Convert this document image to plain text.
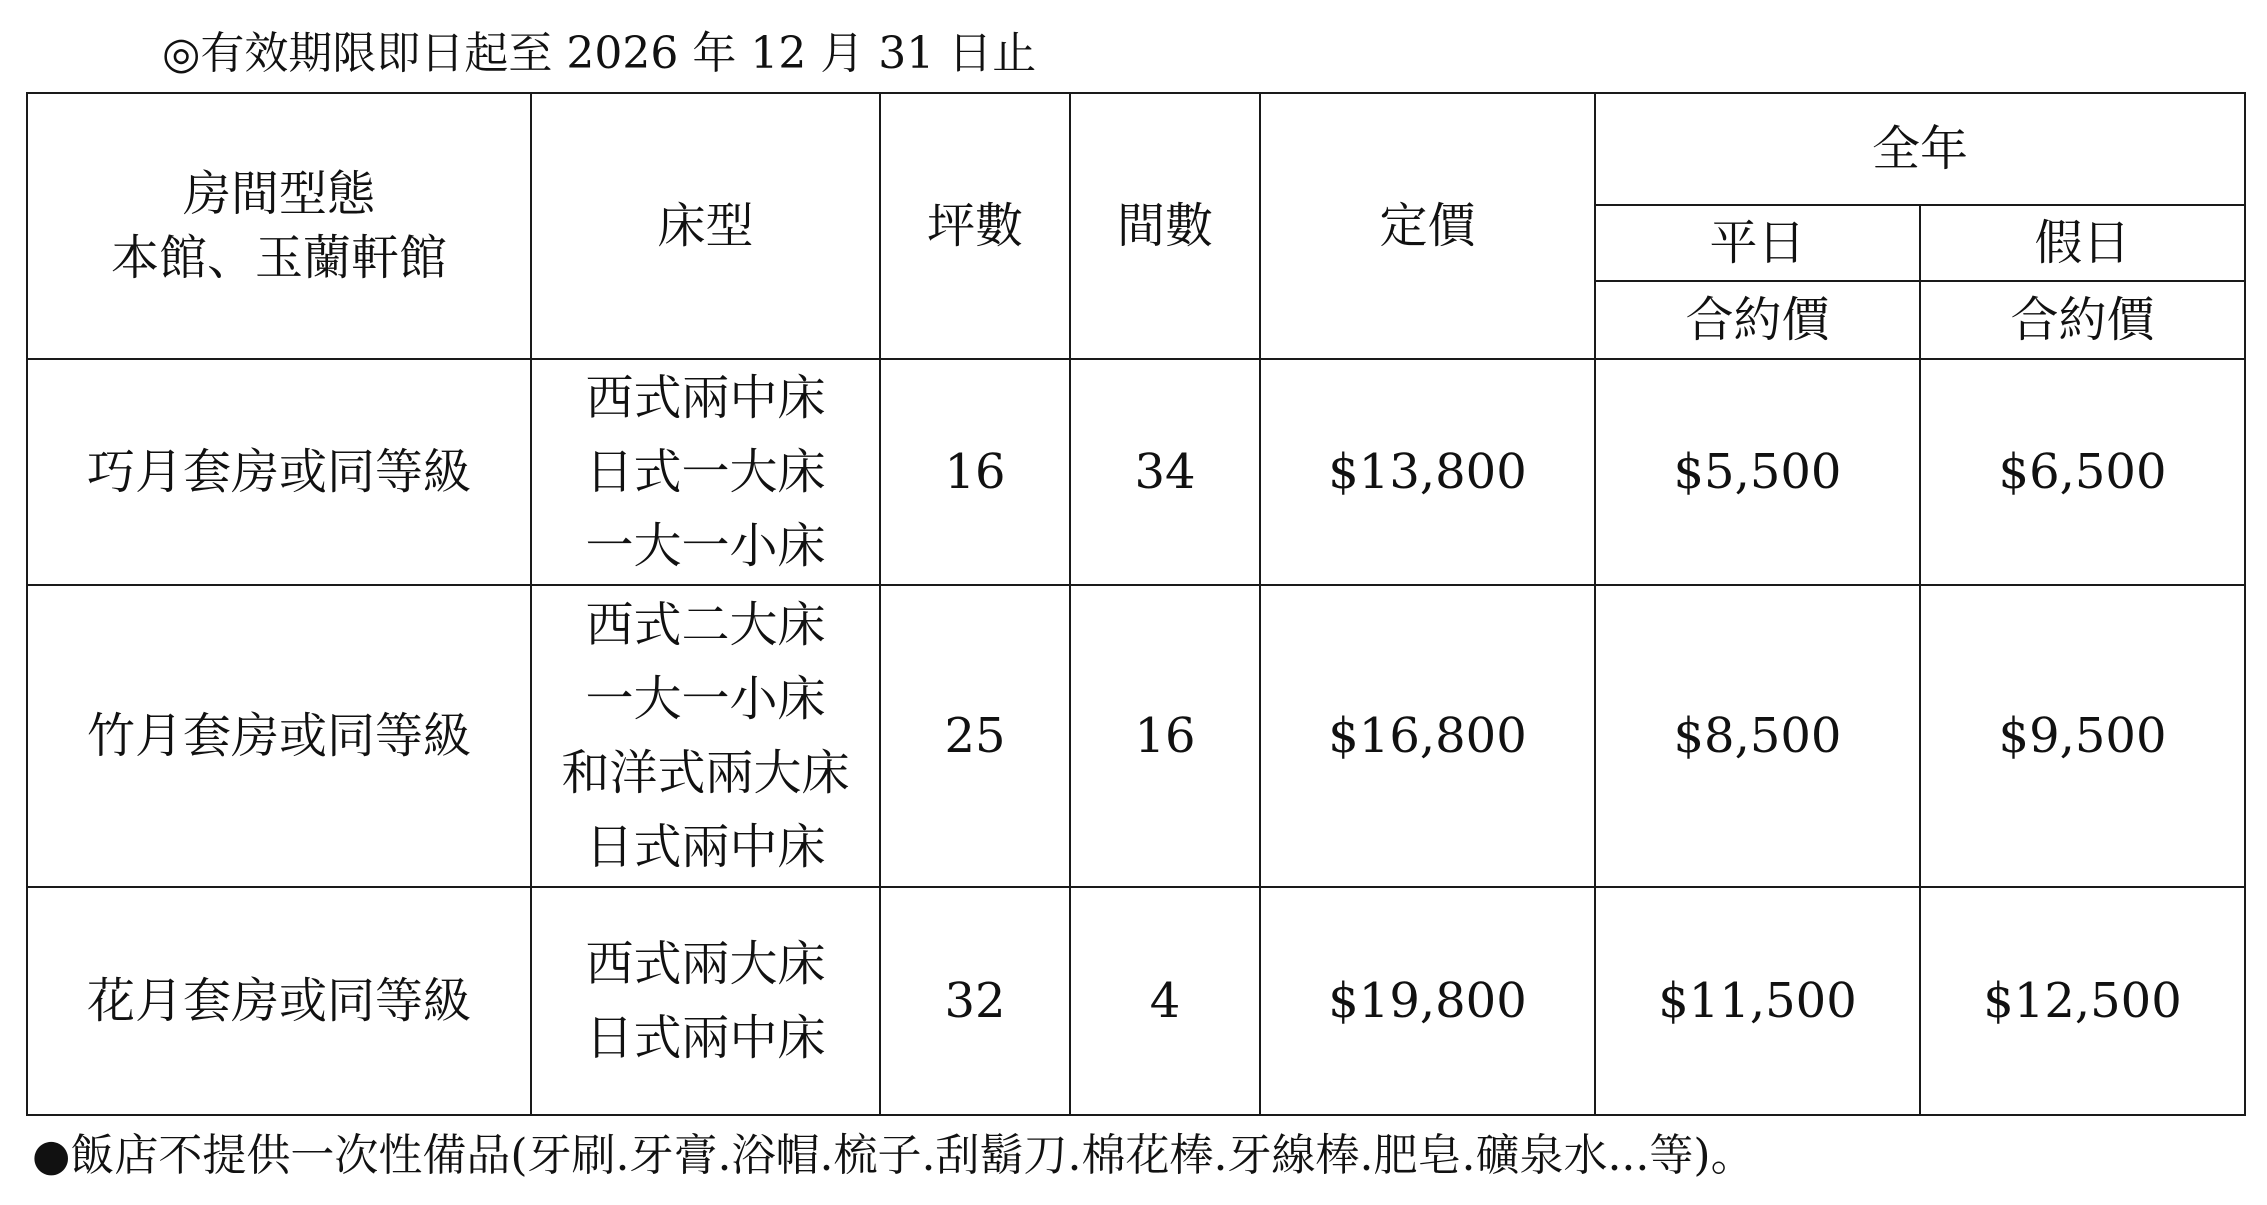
◎有效期限即日起至 2026 年 12 月 31 日止
房間型態
本館、玉蘭軒館	床型	坪數	間數	定價	全年	
					平日	假日
					合約價	合約價
巧月套房或同等級	西式兩中床
日式一大床
一大一小床	16	34	$13,800	$5,500	$6,500
竹月套房或同等級	西式二大床
一大一小床
和洋式兩大床
日式兩中床	25	16	$16,800	$8,500	$9,500
花月套房或同等級	西式兩大床
日式兩中床	32	4	$19,800	$11,500	$12,500
●飯店不提供一次性備品(牙刷.牙膏.浴帽.梳子.刮鬍刀.棉花棒.牙線棒.肥皂.礦泉水...等)。
